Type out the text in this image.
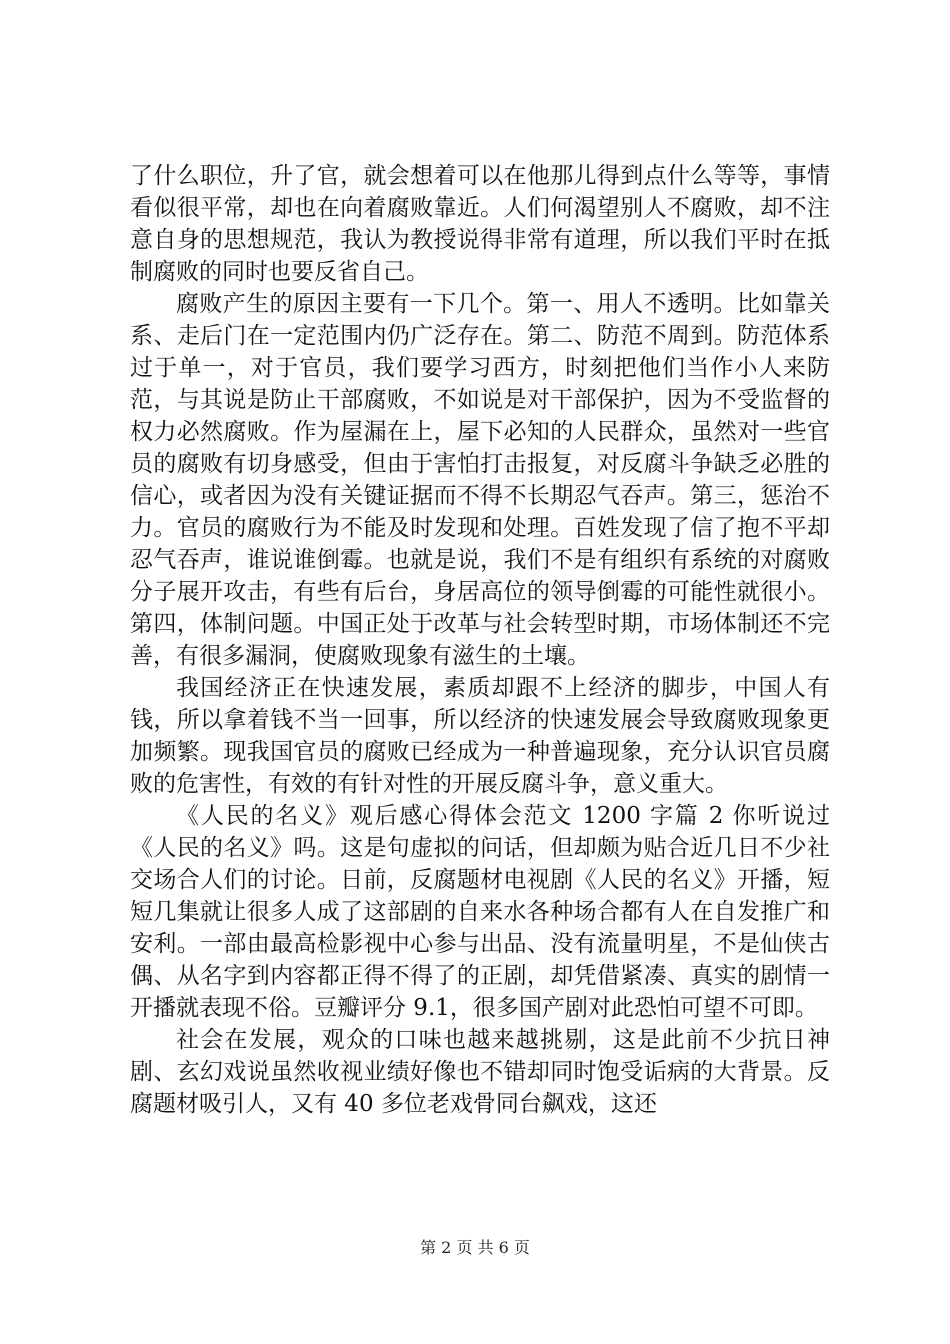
了什么职位，升了官，就会想着可以在他那儿得到点什么等等，事情看似很平常，却也在向着腐败靠近。人们何渴望别人不腐败，却不注意自身的思想规范，我认为教授说得非常有道理，所以我们平时在抵制腐败的同时也要反省自己。

腐败产生的原因主要有一下几个。第一、用人不透明。比如靠关系、走后门在一定范围内仍广泛存在。第二、防范不周到。防范体系过于单一，对于官员，我们要学习西方，时刻把他们当作小人来防范，与其说是防止干部腐败，不如说是对干部保护，因为不受监督的权力必然腐败。作为屋漏在上，屋下必知的人民群众，虽然对一些官员的腐败有切身感受，但由于害怕打击报复，对反腐斗争缺乏必胜的信心，或者因为没有关键证据而不得不长期忍气吞声。第三，惩治不力。官员的腐败行为不能及时发现和处理。百姓发现了信了抱不平却忍气吞声，谁说谁倒霉。也就是说，我们不是有组织有系统的对腐败分子展开攻击，有些有后台，身居高位的领导倒霉的可能性就很小。第四，体制问题。中国正处于改革与社会转型时期，市场体制还不完善，有很多漏洞，使腐败现象有滋生的土壤。

我国经济正在快速发展，素质却跟不上经济的脚步，中国人有钱，所以拿着钱不当一回事，所以经济的快速发展会导致腐败现象更加频繁。现我国官员的腐败已经成为一种普遍现象，充分认识官员腐败的危害性，有效的有针对性的开展反腐斗争，意义重大。

《人民的名义》观后感心得体会范文 1200 字篇 2 你听说过《人民的名义》吗。这是句虚拟的问话，但却颇为贴合近几日不少社交场合人们的讨论。日前，反腐题材电视剧《人民的名义》开播，短短几集就让很多人成了这部剧的自来水各种场合都有人在自发推广和安利。一部由最高检影视中心参与出品、没有流量明星，不是仙侠古偶、从名字到内容都正得不得了的正剧，却凭借紧凑、真实的剧情一开播就表现不俗。豆瓣评分 9.1，很多国产剧对此恐怕可望不可即。

社会在发展，观众的口味也越来越挑剔，这是此前不少抗日神剧、玄幻戏说虽然收视业绩好像也不错却同时饱受诟病的大背景。反腐题材吸引人，又有 40 多位老戏骨同台飙戏，这还

第 2 页 共 6 页
